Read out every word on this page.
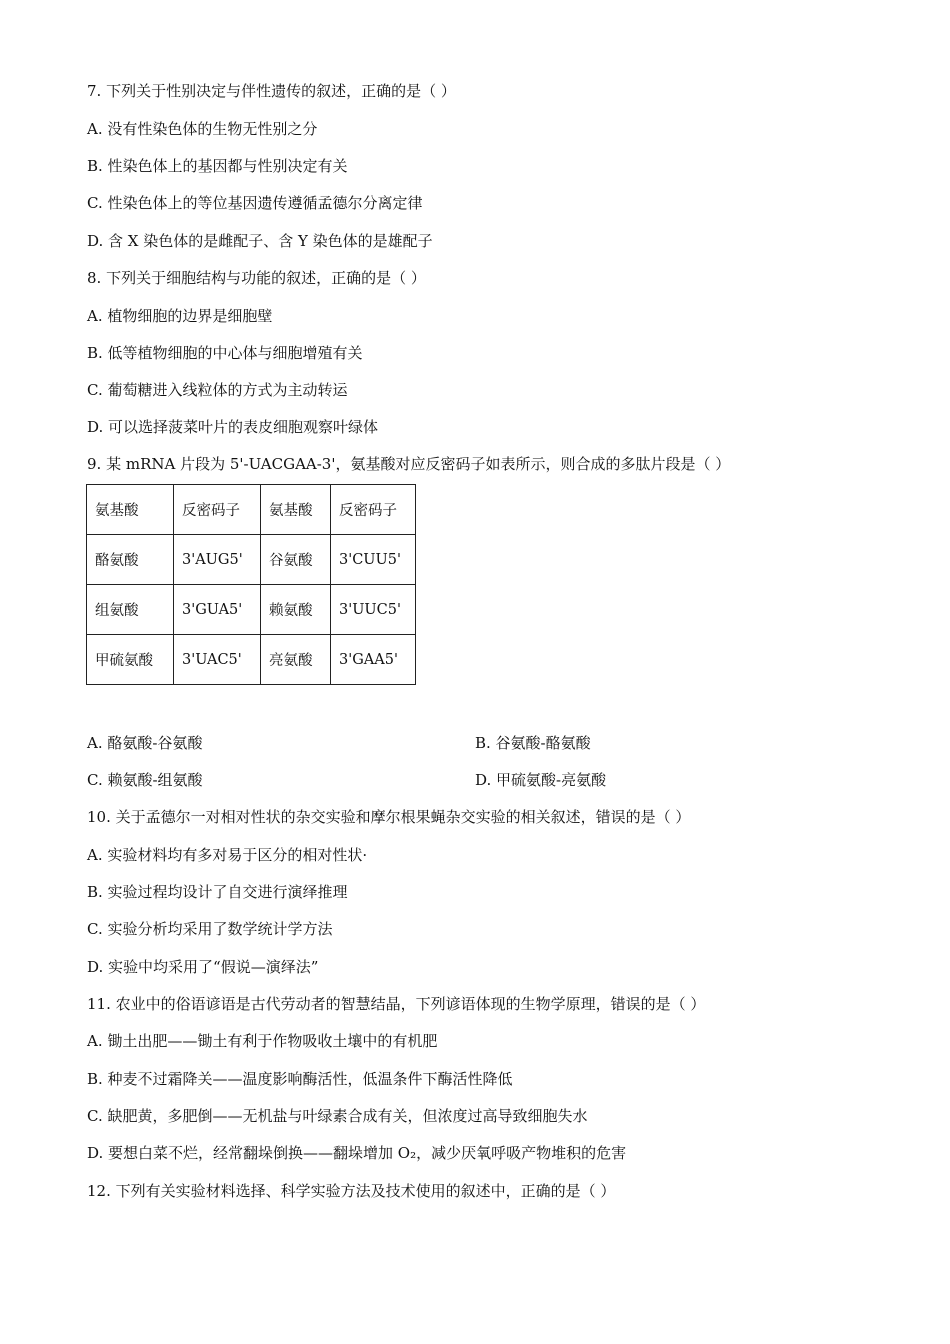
7. 下列关于性别决定与伴性遗传的叙述，正确的是（ ）
A. 没有性染色体的生物无性别之分
B. 性染色体上的基因都与性别决定有关
C. 性染色体上的等位基因遗传遵循孟德尔分离定律
D. 含 X 染色体的是雌配子、含 Y 染色体的是雄配子
8. 下列关于细胞结构与功能的叙述，正确的是（ ）
A. 植物细胞的边界是细胞壁
B. 低等植物细胞的中心体与细胞增殖有关
C. 葡萄糖进入线粒体的方式为主动转运
D. 可以选择菠菜叶片的表皮细胞观察叶绿体
9. 某 mRNA 片段为 5'-UACGAA-3'，氨基酸对应反密码子如表所示，则合成的多肽片段是（ ）
氨基酸	反密码子	氨基酸	反密码子
酪氨酸	3'AUG5'	谷氨酸	3'CUU5'
组氨酸	3'GUA5'	赖氨酸	3'UUC5'
甲硫氨酸	3'UAC5'	亮氨酸	3'GAA5'
A. 酪氨酸-谷氨酸	B. 谷氨酸-酪氨酸
C. 赖氨酸-组氨酸	D. 甲硫氨酸-亮氨酸
10. 关于孟德尔一对相对性状的杂交实验和摩尔根果蝇杂交实验的相关叙述，错误的是（ ）
A. 实验材料均有多对易于区分的相对性状·
B. 实验过程均设计了自交进行演绎推理
C. 实验分析均采用了数学统计学方法
D. 实验中均采用了“假说—演绎法”
11. 农业中的俗语谚语是古代劳动者的智慧结晶，下列谚语体现的生物学原理，错误的是（ ）
A. 锄土出肥——锄土有利于作物吸收土壤中的有机肥
B. 种麦不过霜降关——温度影响酶活性，低温条件下酶活性降低
C. 缺肥黄，多肥倒——无机盐与叶绿素合成有关，但浓度过高导致细胞失水
D. 要想白菜不烂，经常翻垛倒换——翻垛增加 O₂，减少厌氧呼吸产物堆积的危害
12. 下列有关实验材料选择、科学实验方法及技术使用的叙述中，正确的是（ ）
